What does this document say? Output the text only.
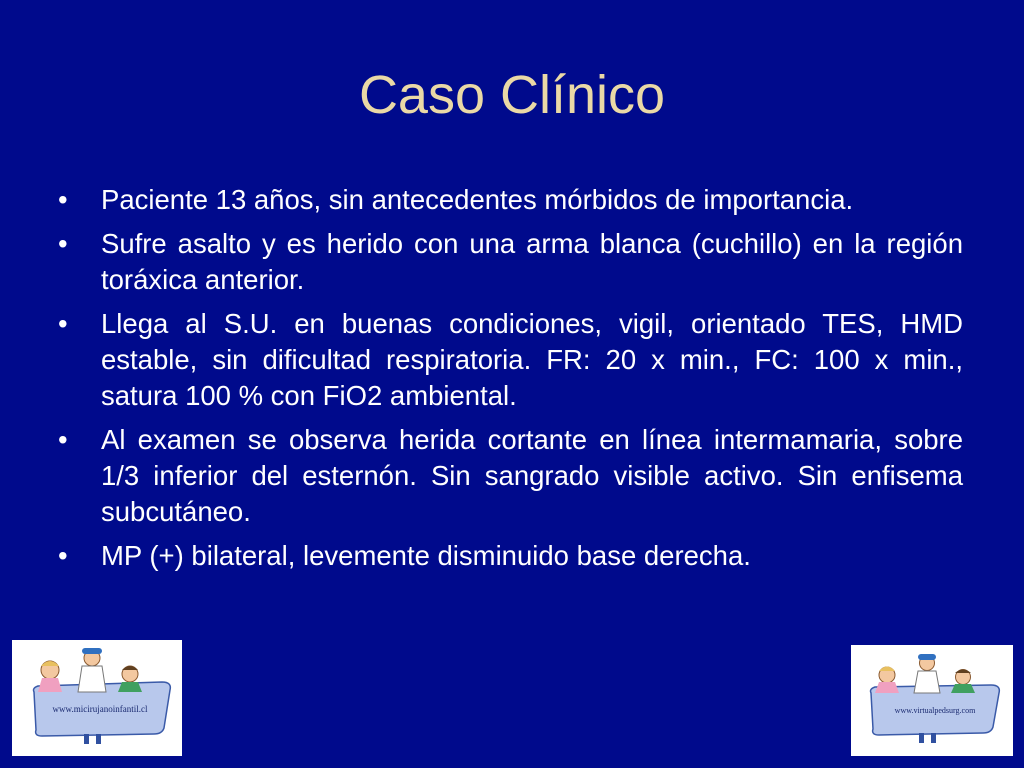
Caso Clínico
•	Paciente 13 años, sin antecedentes mórbidos de importancia.
•	Sufre asalto y es herido con una arma blanca (cuchillo) en la región toráxica anterior.
•	Llega al S.U. en buenas condiciones, vigil, orientado TES, HMD estable, sin dificultad respiratoria. FR: 20 x min., FC: 100 x min., satura 100 % con FiO2 ambiental.
•	Al examen se observa herida cortante en línea intermamaria, sobre 1/3 inferior del esternón. Sin sangrado visible activo. Sin enfisema subcutáneo.
•	MP (+) bilateral, levemente disminuido base derecha.
www.micirujanoinfantil.cl	www.virtualpedsurg.com
